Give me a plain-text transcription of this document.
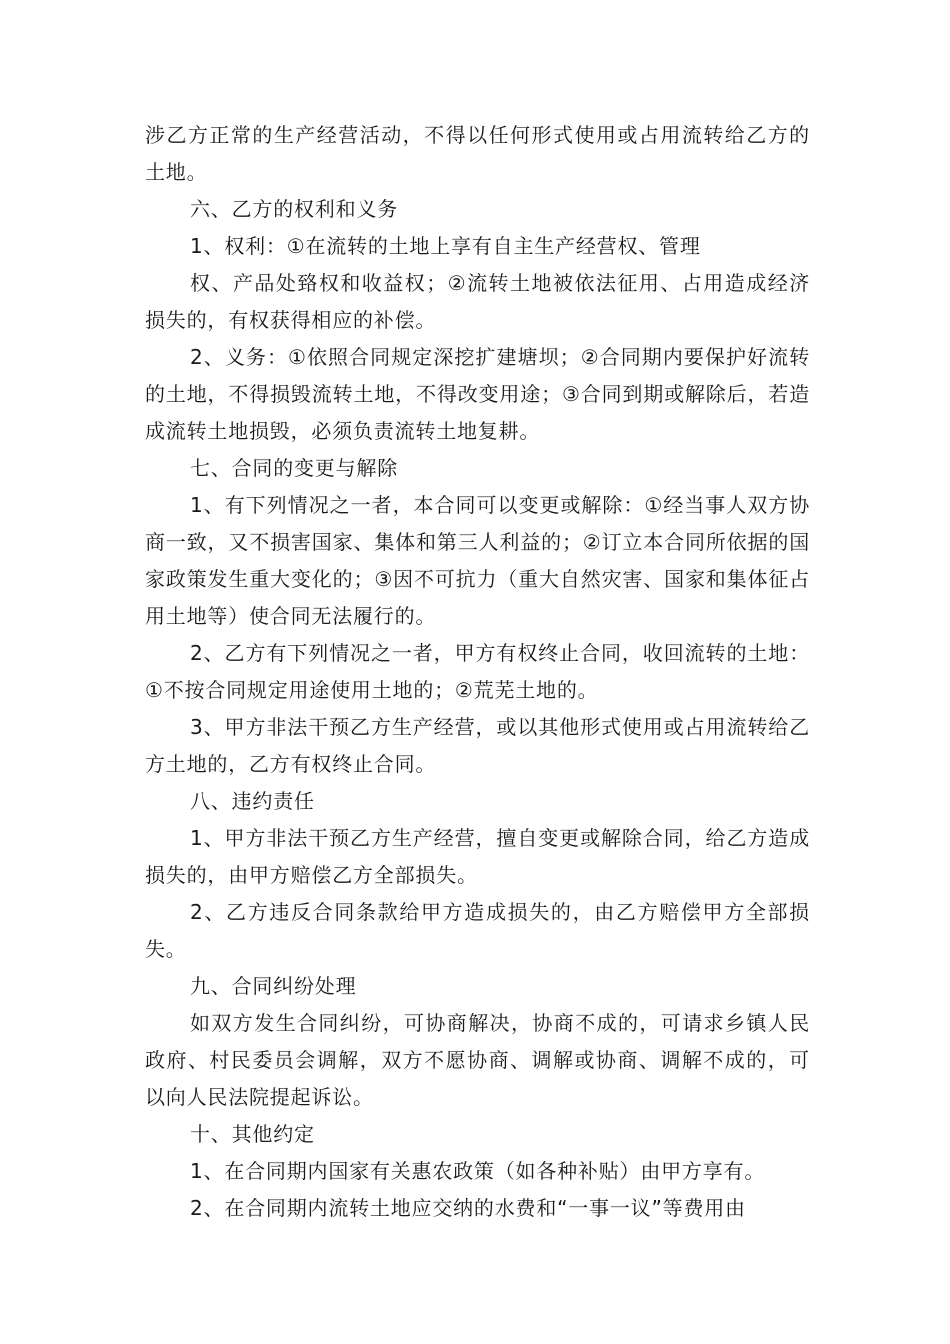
涉乙方正常的生产经营活动，不得以任何形式使用或占用流转给乙方的土地。

六、乙方的权利和义务

1、权利：①在流转的土地上享有自主生产经营权、管理

权、产品处臵权和收益权；②流转土地被依法征用、占用造成经济损失的，有权获得相应的补偿。

2、义务：①依照合同规定深挖扩建塘坝；②合同期内要保护好流转的土地，不得损毁流转土地，不得改变用途；③合同到期或解除后，若造成流转土地损毁，必须负责流转土地复耕。

七、合同的变更与解除

1、有下列情况之一者，本合同可以变更或解除：①经当事人双方协商一致，又不损害国家、集体和第三人利益的；②订立本合同所依据的国家政策发生重大变化的；③因不可抗力（重大自然灾害、国家和集体征占用土地等）使合同无法履行的。

2、乙方有下列情况之一者，甲方有权终止合同，收回流转的土地：①不按合同规定用途使用土地的；②荒芜土地的。

3、甲方非法干预乙方生产经营，或以其他形式使用或占用流转给乙方土地的，乙方有权终止合同。

八、违约责任

1、甲方非法干预乙方生产经营，擅自变更或解除合同，给乙方造成损失的，由甲方赔偿乙方全部损失。

2、乙方违反合同条款给甲方造成损失的，由乙方赔偿甲方全部损失。

九、合同纠纷处理

如双方发生合同纠纷，可协商解决，协商不成的，可请求乡镇人民政府、村民委员会调解，双方不愿协商、调解或协商、调解不成的，可以向人民法院提起诉讼。

十、其他约定

1、在合同期内国家有关惠农政策（如各种补贴）由甲方享有。

2、在合同期内流转土地应交纳的水费和“一事一议”等费用由
